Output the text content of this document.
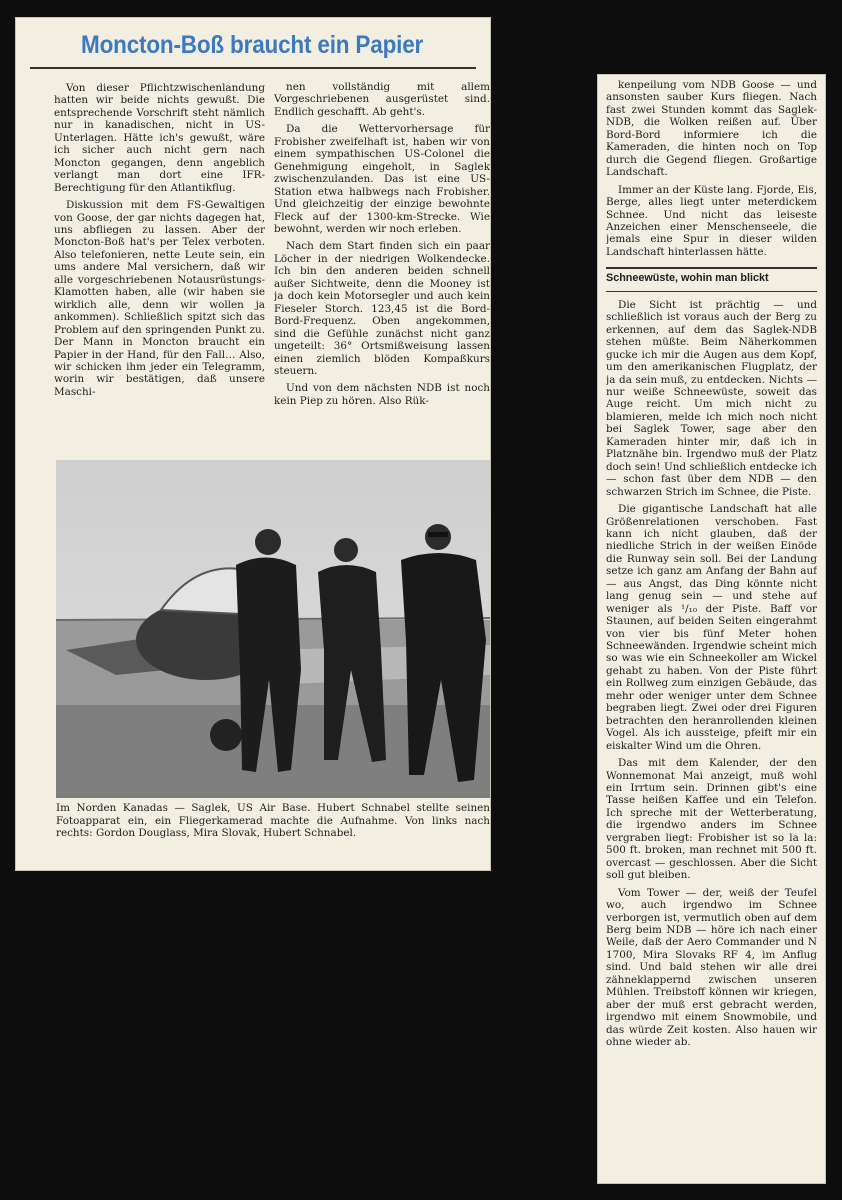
Moncton-Boß braucht ein Papier

Von dieser Pflichtzwischenlandung hatten wir beide nichts gewußt. Die entsprechende Vorschrift steht nämlich nur in kanadischen, nicht in US-Unterlagen. Hätte ich's gewußt, wäre ich sicher auch nicht gern nach Moncton gegangen, denn angeblich verlangt man dort eine IFR-Berechtigung für den Atlantikflug.

Diskussion mit dem FS-Gewaltigen von Goose, der gar nichts dagegen hat, uns abfliegen zu lassen. Aber der Moncton-Boß hat's per Telex verboten. Also telefonieren, nette Leute sein, ein ums andere Mal versichern, daß wir alle vorgeschriebenen Notausrüstungs-Klamotten haben, alle (wir haben sie wirklich alle, denn wir wollen ja ankommen). Schließlich spitzt sich das Problem auf den springenden Punkt zu. Der Mann in Moncton braucht ein Papier in der Hand, für den Fall… Also, wir schicken ihm jeder ein Telegramm, worin wir bestätigen, daß unsere Maschi-

nen vollständig mit allem Vorgeschriebenen ausgerüstet sind. Endlich geschafft. Ab geht's.

Da die Wettervorhersage für Frobisher zweifelhaft ist, haben wir von einem sympathischen US-Colonel die Genehmigung eingeholt, in Saglek zwischenzulanden. Das ist eine US-Station etwa halbwegs nach Frobisher. Und gleichzeitig der einzige bewohnte Fleck auf der 1300-km-Strecke. Wie bewohnt, werden wir noch erleben.

Nach dem Start finden sich ein paar Löcher in der niedrigen Wolkendecke. Ich bin den anderen beiden schnell außer Sichtweite, denn die Mooney ist ja doch kein Motorsegler und auch kein Fieseler Storch. 123,45 ist die Bord-Bord-Frequenz. Oben angekommen, sind die Gefühle zunächst nicht ganz ungeteilt: 36° Ortsmißweisung lassen einen ziemlich blöden Kompaßkurs steuern.

Und von dem nächsten NDB ist noch kein Piep zu hören. Also Rük-

Im Norden Kanadas — Saglek, US Air Base. Hubert Schnabel stellte seinen Fotoapparat ein, ein Fliegerkamerad machte die Aufnahme. Von links nach rechts: Gordon Douglass, Mira Slovak, Hubert Schnabel.

kenpeilung vom NDB Goose — und ansonsten sauber Kurs fliegen. Nach fast zwei Stunden kommt das Saglek-NDB, die Wolken reißen auf. Über Bord-Bord informiere ich die Kameraden, die hinten noch on Top durch die Gegend fliegen. Großartige Landschaft.

Immer an der Küste lang. Fjorde, Eis, Berge, alles liegt unter meterdickem Schnee. Und nicht das leiseste Anzeichen einer Menschenseele, die jemals eine Spur in dieser wilden Landschaft hinterlassen hätte.

Schneewüste, wohin man blickt

Die Sicht ist prächtig — und schließlich ist voraus auch der Berg zu erkennen, auf dem das Saglek-NDB stehen müßte. Beim Näherkommen gucke ich mir die Augen aus dem Kopf, um den amerikanischen Flugplatz, der ja da sein muß, zu entdecken. Nichts — nur weiße Schneewüste, soweit das Auge reicht. Um mich nicht zu blamieren, melde ich mich noch nicht bei Saglek Tower, sage aber den Kameraden hinter mir, daß ich in Platznähe bin. Irgendwo muß der Platz doch sein! Und schließlich entdecke ich — schon fast über dem NDB — den schwarzen Strich im Schnee, die Piste.

Die gigantische Landschaft hat alle Größenrelationen verschoben. Fast kann ich nicht glauben, daß der niedliche Strich in der weißen Einöde die Runway sein soll. Bei der Landung setze ich ganz am Anfang der Bahn auf — aus Angst, das Ding könnte nicht lang genug sein — und stehe auf weniger als ¹/₁₀ der Piste. Baff vor Staunen, auf beiden Seiten eingerahmt von vier bis fünf Meter hohen Schneewänden. Irgendwie scheint mich so was wie ein Schneekoller am Wickel gehabt zu haben. Von der Piste führt ein Rollweg zum einzigen Gebäude, das mehr oder weniger unter dem Schnee begraben liegt. Zwei oder drei Figuren betrachten den heranrollenden kleinen Vogel. Als ich aussteige, pfeift mir ein eiskalter Wind um die Ohren.

Das mit dem Kalender, der den Wonnemonat Mai anzeigt, muß wohl ein Irrtum sein. Drinnen gibt's eine Tasse heißen Kaffee und ein Telefon. Ich spreche mit der Wetterberatung, die irgendwo anders im Schnee vergraben liegt: Frobisher ist so la la: 500 ft. broken, man rechnet mit 500 ft. overcast — geschlossen. Aber die Sicht soll gut bleiben.

Vom Tower — der, weiß der Teufel wo, auch irgendwo im Schnee verborgen ist, vermutlich oben auf dem Berg beim NDB — höre ich nach einer Weile, daß der Aero Commander und N 1700, Mira Slovaks RF 4, im Anflug sind. Und bald stehen wir alle drei zähneklappernd zwischen unseren Mühlen. Treibstoff können wir kriegen, aber der muß erst gebracht werden, irgendwo mit einem Snowmobile, und das würde Zeit kosten. Also hauen wir ohne wieder ab.
